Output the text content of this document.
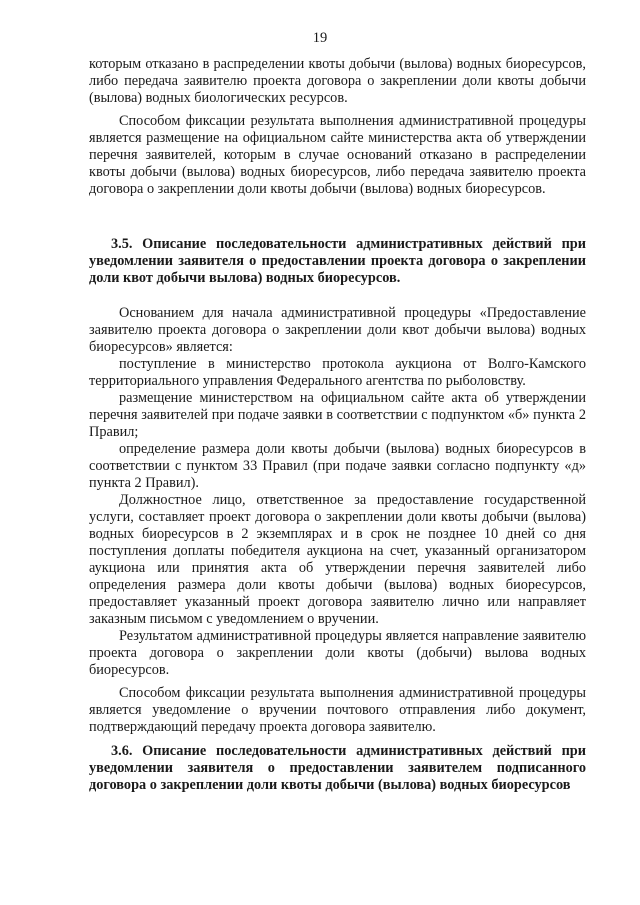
19

которым отказано в распределении квоты добычи (вылова) водных биоресурсов, либо передача заявителю проекта договора о закреплении доли квоты добычи (вылова) водных биологических ресурсов.

Способом фиксации результата выполнения административной процедуры является размещение на официальном сайте министерства акта об утверждении перечня заявителей, которым в случае оснований отказано в распределении квоты добычи (вылова) водных биоресурсов, либо передача заявителю проекта договора о закреплении доли квоты добычи (вылова) водных биоресурсов.

3.5. Описание последовательности административных действий при уведомлении заявителя о предоставлении проекта договора о закреплении доли квот добычи вылова) водных биоресурсов.

Основанием для начала административной процедуры «Предоставление заявителю проекта договора о закреплении доли квот добычи вылова) водных биоресурсов» является:

поступление в министерство протокола аукциона от Волго-Камского территориального управления Федерального агентства по рыболовству.

размещение министерством на официальном сайте акта об утверждении перечня заявителей при подаче заявки в соответствии с подпунктом «б» пункта 2 Правил;

определение размера доли квоты добычи (вылова) водных биоресурсов в соответствии с пунктом 33 Правил (при подаче заявки согласно подпункту «д» пункта 2 Правил).

Должностное лицо, ответственное за предоставление государственной услуги, составляет проект договора о закреплении доли квоты добычи (вылова) водных биоресурсов в 2 экземплярах и в срок не позднее 10 дней со дня поступления доплаты победителя аукциона на счет, указанный организатором аукциона или принятия акта об утверждении перечня заявителей либо определения размера доли квоты добычи (вылова) водных биоресурсов, предоставляет указанный проект договора заявителю лично или направляет заказным письмом с уведомлением о вручении.

Результатом административной процедуры является направление заявителю проекта договора о закреплении доли квоты (добычи) вылова водных биоресурсов.

Способом фиксации результата выполнения административной процедуры является уведомление о вручении почтового отправления либо документ, подтверждающий передачу проекта договора заявителю.

3.6. Описание последовательности административных действий при уведомлении заявителя о предоставлении заявителем подписанного договора о закреплении доли квоты добычи (вылова) водных биоресурсов
